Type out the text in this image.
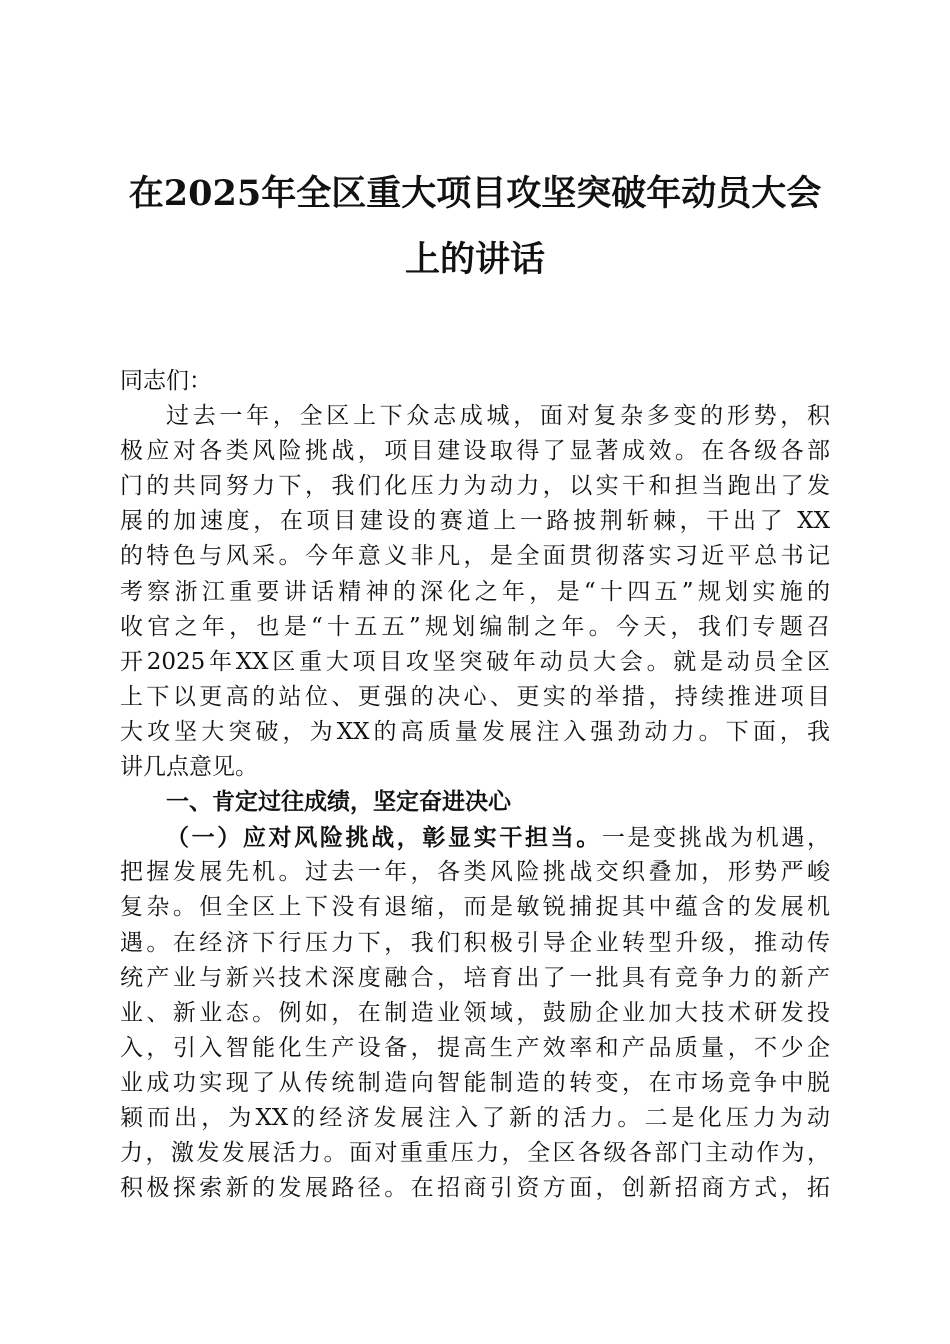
在2025年全区重大项目攻坚突破年动员大会
上的讲话
同志们：
过去一年，全区上下众志成城，面对复杂多变的形势，积
极应对各类风险挑战，项目建设取得了显著成效。在各级各部
门的共同努力下，我们化压力为动力，以实干和担当跑出了发
展的加速度，在项目建设的赛道上一路披荆斩棘，干出了 XX
的特色与风采。今年意义非凡，是全面贯彻落实习近平总书记
考察浙江重要讲话精神的深化之年，是“十四五”规划实施的
收官之年，也是“十五五”规划编制之年。今天，我们专题召
开2025年XX区重大项目攻坚突破年动员大会。就是动员全区
上下以更高的站位、更强的决心、更实的举措，持续推进项目
大攻坚大突破，为XX的高质量发展注入强劲动力。下面，我
讲几点意见。
一、肯定过往成绩，坚定奋进决心
（一）应对风险挑战，彰显实干担当。一是变挑战为机遇，
把握发展先机。过去一年，各类风险挑战交织叠加，形势严峻
复杂。但全区上下没有退缩，而是敏锐捕捉其中蕴含的发展机
遇。在经济下行压力下，我们积极引导企业转型升级，推动传
统产业与新兴技术深度融合，培育出了一批具有竞争力的新产
业、新业态。例如，在制造业领域，鼓励企业加大技术研发投
入，引入智能化生产设备，提高生产效率和产品质量，不少企
业成功实现了从传统制造向智能制造的转变，在市场竞争中脱
颖而出，为XX的经济发展注入了新的活力。二是化压力为动
力，激发发展活力。面对重重压力，全区各级各部门主动作为，
积极探索新的发展路径。在招商引资方面，创新招商方式，拓
